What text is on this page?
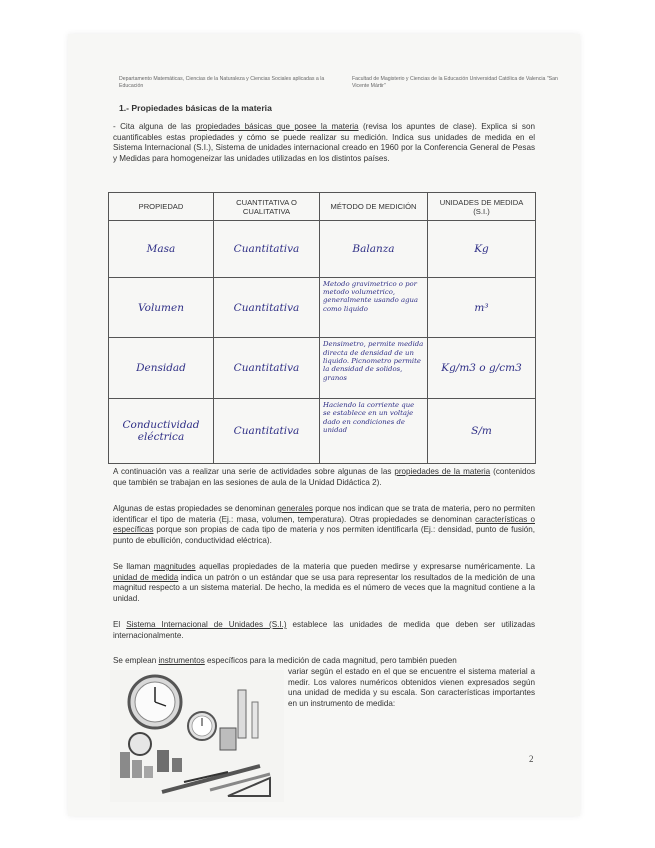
Departamento Matemáticas, Ciencias de la Naturaleza y Ciencias Sociales aplicadas a la Educación
Facultad de Magisterio y Ciencias de la Educación Universidad Católica de Valencia "San Vicente Mártir"
1.- Propiedades básicas de la materia
- Cita alguna de las propiedades básicas que posee la materia (revisa los apuntes de clase). Explica si son cuantificables estas propiedades y cómo se puede realizar su medición. Indica sus unidades de medida en el Sistema Internacional (S.I.), Sistema de unidades internacional creado en 1960 por la Conferencia General de Pesas y Medidas para homogeneizar las unidades utilizadas en los distintos países.
PROPIEDAD	CUANTITATIVA O CUALITATIVA	MÉTODO DE MEDICIÓN	UNIDADES DE MEDIDA (S.I.)
Masa	Cuantitativa	Balanza	Kg
Volumen	Cuantitativa	Metodo gravimetrico o por metodo volumetrico, generalmente usando agua como liquido	m³
Densidad	Cuantitativa	Densimetro, permite medida directa de densidad de un liquido. Picnometro permite la densidad de solidos, granos	Kg/m3 o g/cm3
Conductividad eléctrica	Cuantitativa	Haciendo la corriente que se establece en un voltaje dado en condiciones de unidad	S/m
A continuación vas a realizar una serie de actividades sobre algunas de las propiedades de la materia (contenidos que también se trabajan en las sesiones de aula de la Unidad Didáctica 2).
Algunas de estas propiedades se denominan generales porque nos indican que se trata de materia, pero no permiten identificar el tipo de materia (Ej.: masa, volumen, temperatura). Otras propiedades se denominan características o específicas porque son propias de cada tipo de materia y nos permiten identificarla (Ej.: densidad, punto de fusión, punto de ebullición, conductividad eléctrica).
Se llaman magnitudes aquellas propiedades de la materia que pueden medirse y expresarse numéricamente. La unidad de medida indica un patrón o un estándar que se usa para representar los resultados de la medición de una magnitud respecto a un sistema material. De hecho, la medida es el número de veces que la magnitud contiene a la unidad.
El Sistema Internacional de Unidades (S.I.) establece las unidades de medida que deben ser utilizadas internacionalmente.
Se emplean instrumentos específicos para la medición de cada magnitud, pero también pueden
variar según el estado en el que se encuentre el sistema material a medir. Los valores numéricos obtenidos vienen expresados según una unidad de medida y su escala. Son características importantes en un instrumento de medida:
2
